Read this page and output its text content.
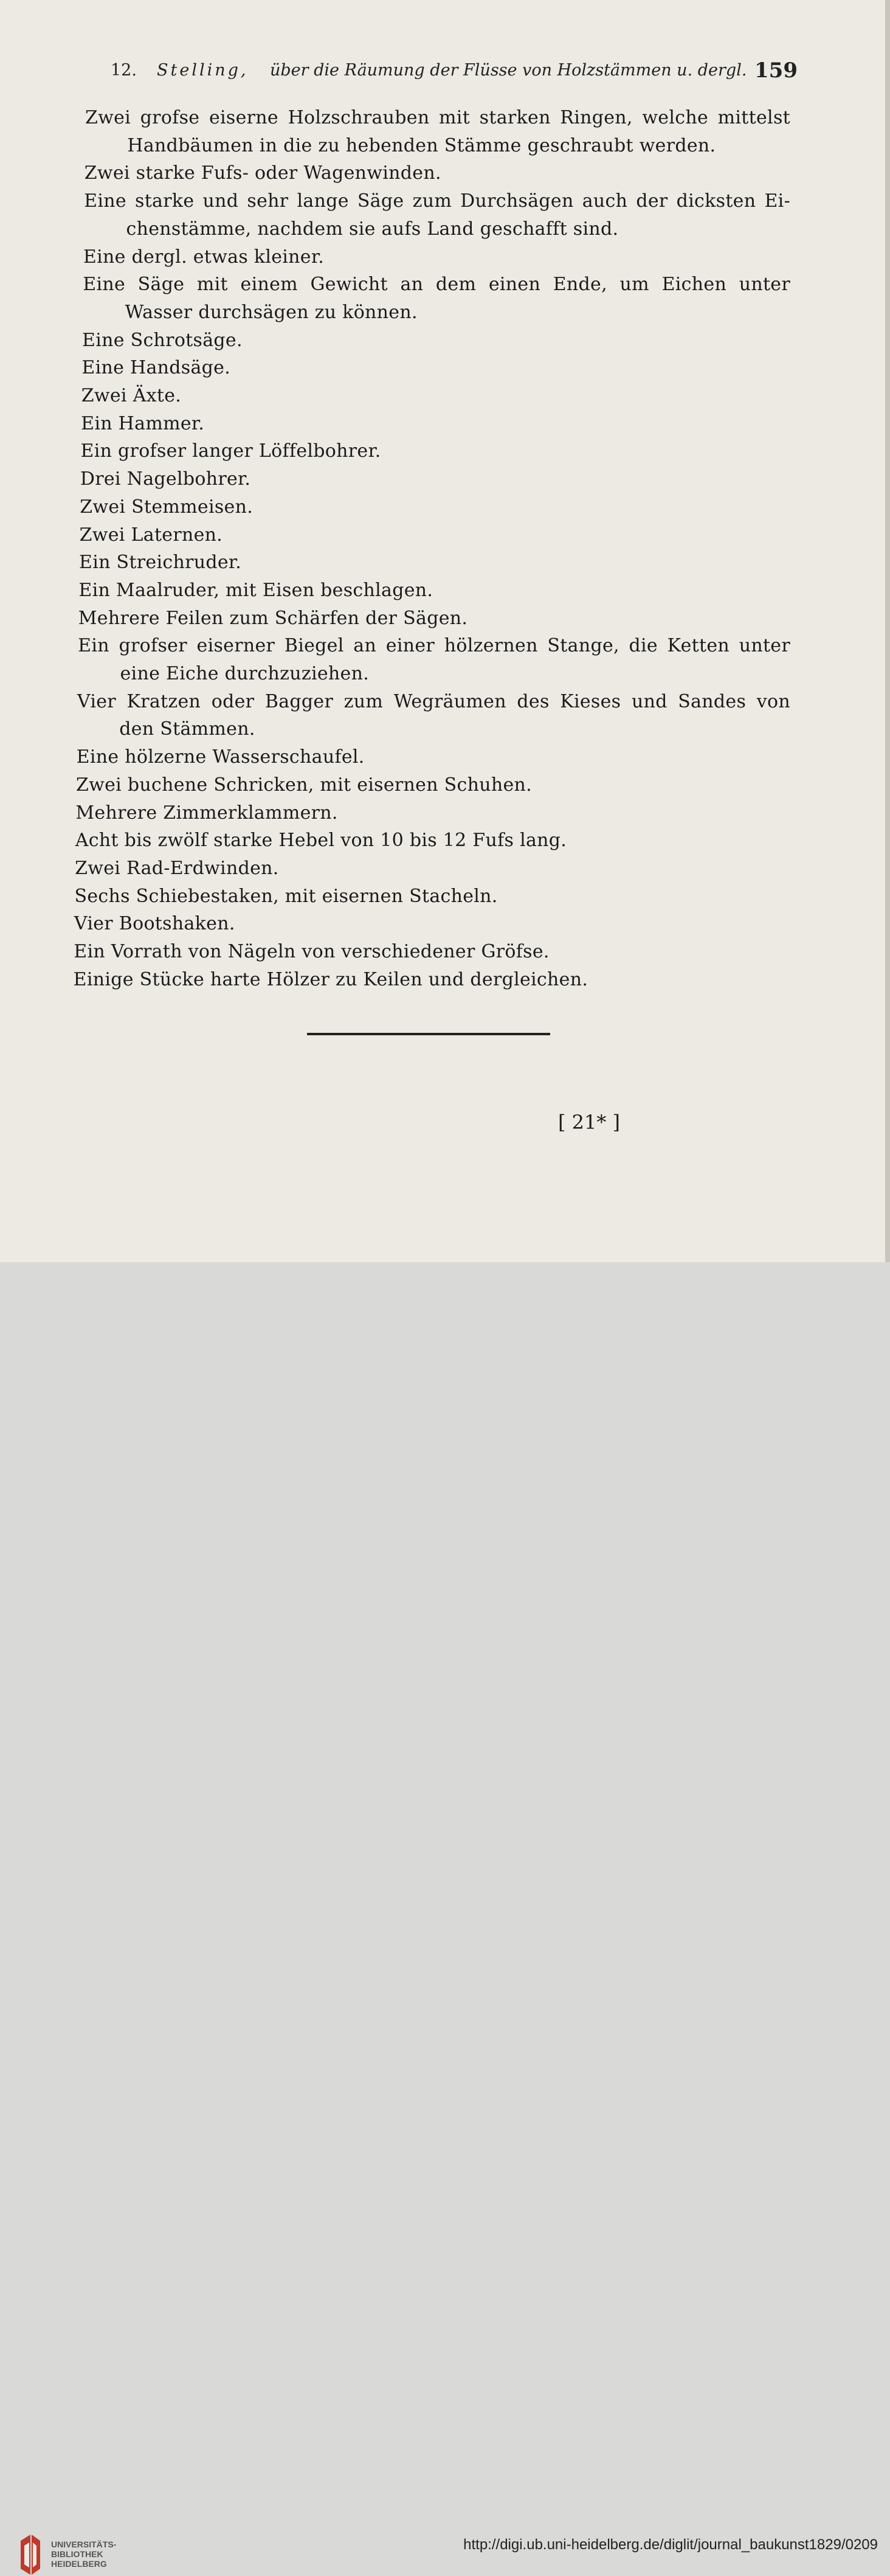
12. Stelling, über die Räumung der Flüsse von Holzstämmen u. dergl. 159
Zwei grofse eiserne Holzschrauben mit starken Ringen, welche mittelst
Handbäumen in die zu hebenden Stämme geschraubt werden.
Zwei starke Fufs- oder Wagenwinden.
Eine starke und sehr lange Säge zum Durchsägen auch der dicksten Ei-
chenstämme, nachdem sie aufs Land geschafft sind.
Eine dergl. etwas kleiner.
Eine Säge mit einem Gewicht an dem einen Ende, um Eichen unter
Wasser durchsägen zu können.
Eine Schrotsäge.
Eine Handsäge.
Zwei Äxte.
Ein Hammer.
Ein grofser langer Löffelbohrer.
Drei Nagelbohrer.
Zwei Stemmeisen.
Zwei Laternen.
Ein Streichruder.
Ein Maalruder, mit Eisen beschlagen.
Mehrere Feilen zum Schärfen der Sägen.
Ein grofser eiserner Biegel an einer hölzernen Stange, die Ketten unter
eine Eiche durchzuziehen.
Vier Kratzen oder Bagger zum Wegräumen des Kieses und Sandes von
den Stämmen.
Eine hölzerne Wasserschaufel.
Zwei buchene Schricken, mit eisernen Schuhen.
Mehrere Zimmerklammern.
Acht bis zwölf starke Hebel von 10 bis 12 Fufs lang.
Zwei Rad-Erdwinden.
Sechs Schiebestaken, mit eisernen Stacheln.
Vier Bootshaken.
Ein Vorrath von Nägeln von verschiedener Gröfse.
Einige Stücke harte Hölzer zu Keilen und dergleichen.
[ 21* ]
UNIVERSITÄTS-
BIBLIOTHEK
HEIDELBERG
http://digi.ub.uni-heidelberg.de/diglit/journal_baukunst1829/0209
